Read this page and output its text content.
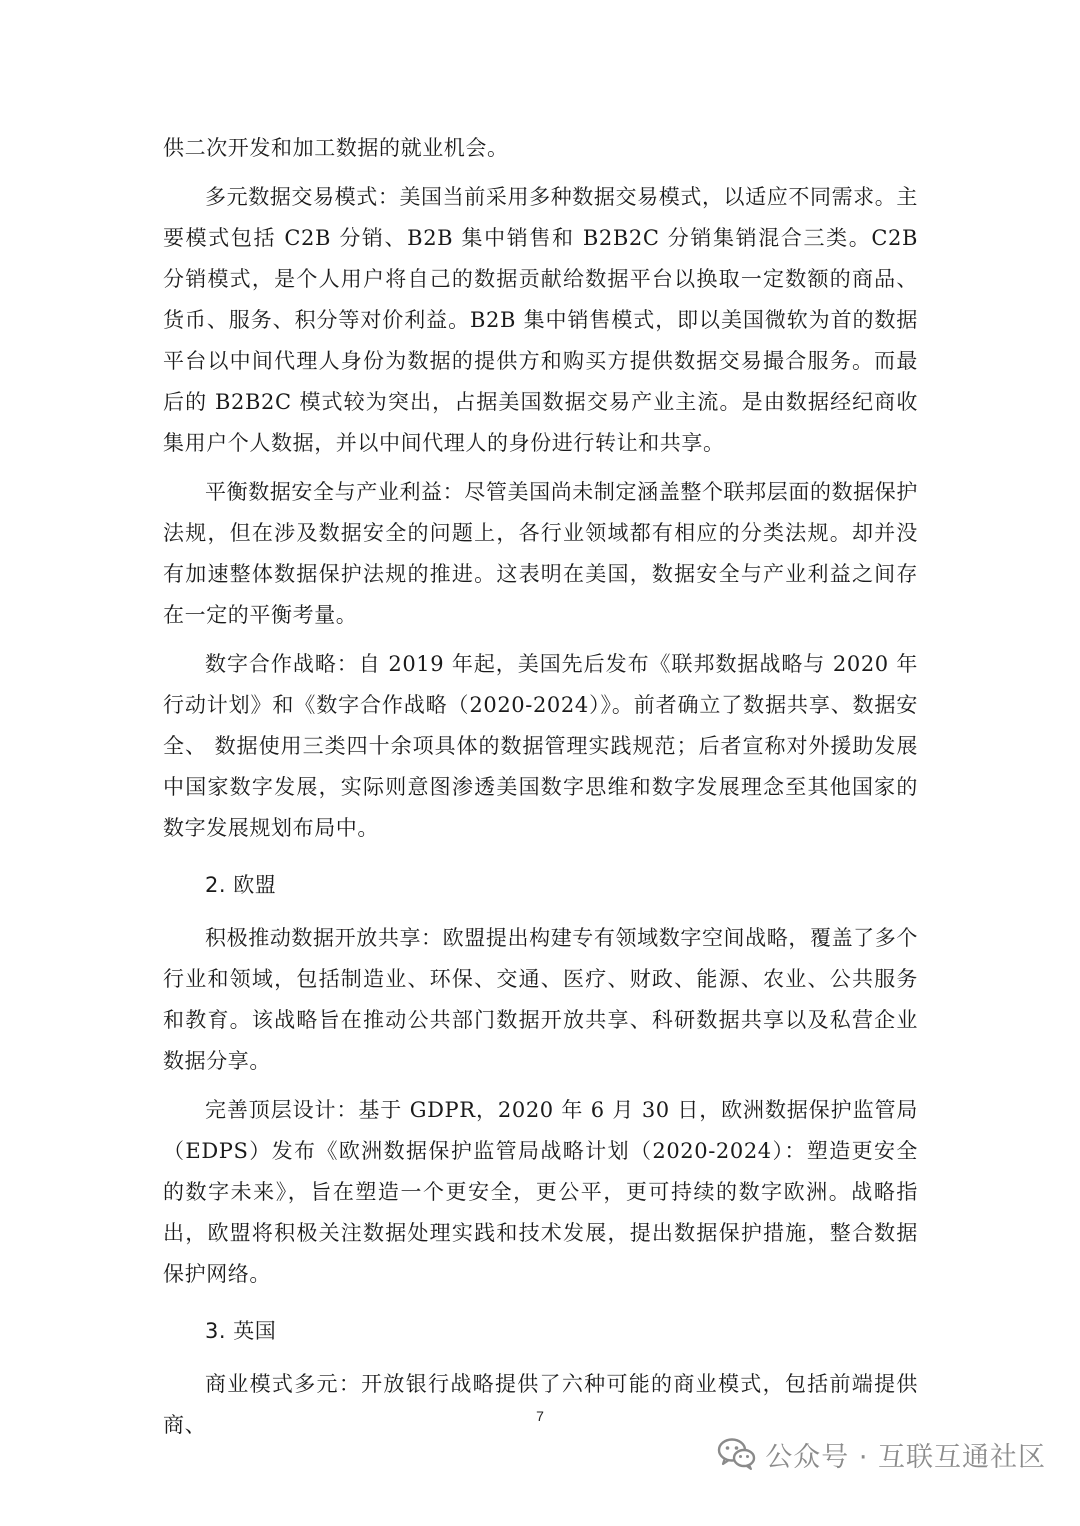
供二次开发和加工数据的就业机会。

多元数据交易模式：美国当前采用多种数据交易模式，以适应不同需求。主要模式包括 C2B 分销、B2B 集中销售和 B2B2C 分销集销混合三类。C2B 分销模式，是个人用户将自己的数据贡献给数据平台以换取一定数额的商品、货币、服务、积分等对价利益。B2B 集中销售模式，即以美国微软为首的数据平台以中间代理人身份为数据的提供方和购买方提供数据交易撮合服务。而最后的 B2B2C 模式较为突出，占据美国数据交易产业主流。是由数据经纪商收集用户个人数据，并以中间代理人的身份进行转让和共享。

平衡数据安全与产业利益：尽管美国尚未制定涵盖整个联邦层面的数据保护法规，但在涉及数据安全的问题上，各行业领域都有相应的分类法规。却并没有加速整体数据保护法规的推进。这表明在美国，数据安全与产业利益之间存在一定的平衡考量。

数字合作战略：自 2019 年起，美国先后发布《联邦数据战略与 2020 年行动计划》和《数字合作战略（2020-2024）》。前者确立了数据共享、数据安全、 数据使用三类四十余项具体的数据管理实践规范；后者宣称对外援助发展中国家数字发展，实际则意图渗透美国数字思维和数字发展理念至其他国家的数字发展规划布局中。

2. 欧盟

积极推动数据开放共享：欧盟提出构建专有领域数字空间战略，覆盖了多个行业和领域，包括制造业、环保、交通、医疗、财政、能源、农业、公共服务和教育。该战略旨在推动公共部门数据开放共享、科研数据共享以及私营企业数据分享。

完善顶层设计：基于 GDPR，2020 年 6 月 30 日，欧洲数据保护监管局（EDPS）发布《欧洲数据保护监管局战略计划（2020-2024）：塑造更安全的数字未来》，旨在塑造一个更安全，更公平，更可持续的数字欧洲。战略指出，欧盟将积极关注数据处理实践和技术发展，提出数据保护措施，整合数据保护网络。

3. 英国

商业模式多元：开放银行战略提供了六种可能的商业模式，包括前端提供商、	7
公众号 · 互联互通社区
